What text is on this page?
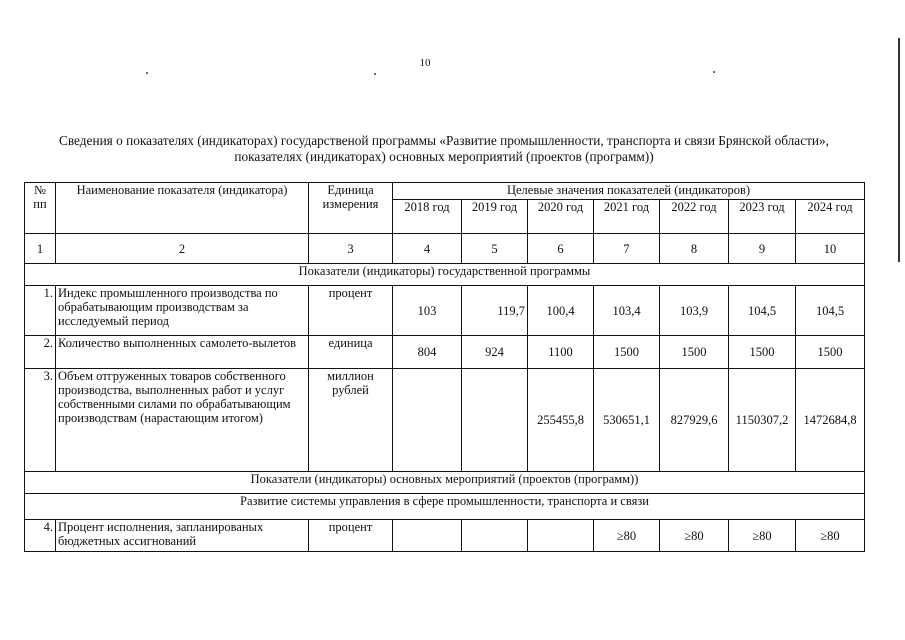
10
Сведения о показателях (индикаторах) государственой программы «Развитие промышленности, транспорта и связи Брянской области», показателях (индикаторах) основных мероприятий (проектов (программ))
№ пп	Наименование показателя (индикатора)	Единица измерения	Целевые значения показателей (индикаторов)						
			2018 год	2019 год	2020 год	2021 год	2022 год	2023 год	2024 год
1	2	3	4	5	6	7	8	9	10
Показатели (индикаторы) государственной программы									
1.	Индекс промышленного производства по обрабатывающим производствам за исследуемый период	процент	103	119,7	100,4	103,4	103,9	104,5	104,5
2.	Количество выполненных самолето-вылетов	единица	804	924	1100	1500	1500	1500	1500
3.	Объем отгруженных товаров собственного производства, выполненных работ и услуг собственными силами по обрабатывающим производствам (нарастающим итогом)	миллион рублей			255455,8	530651,1	827929,6	1150307,2	1472684,8
Показатели (индикаторы) основных мероприятий (проектов (программ))									
Развитие системы управления в сфере промышленности, транспорта и связи									
4.	Процент исполнения, запланированых бюджетных ассигнований	процент				≥80	≥80	≥80	≥80
